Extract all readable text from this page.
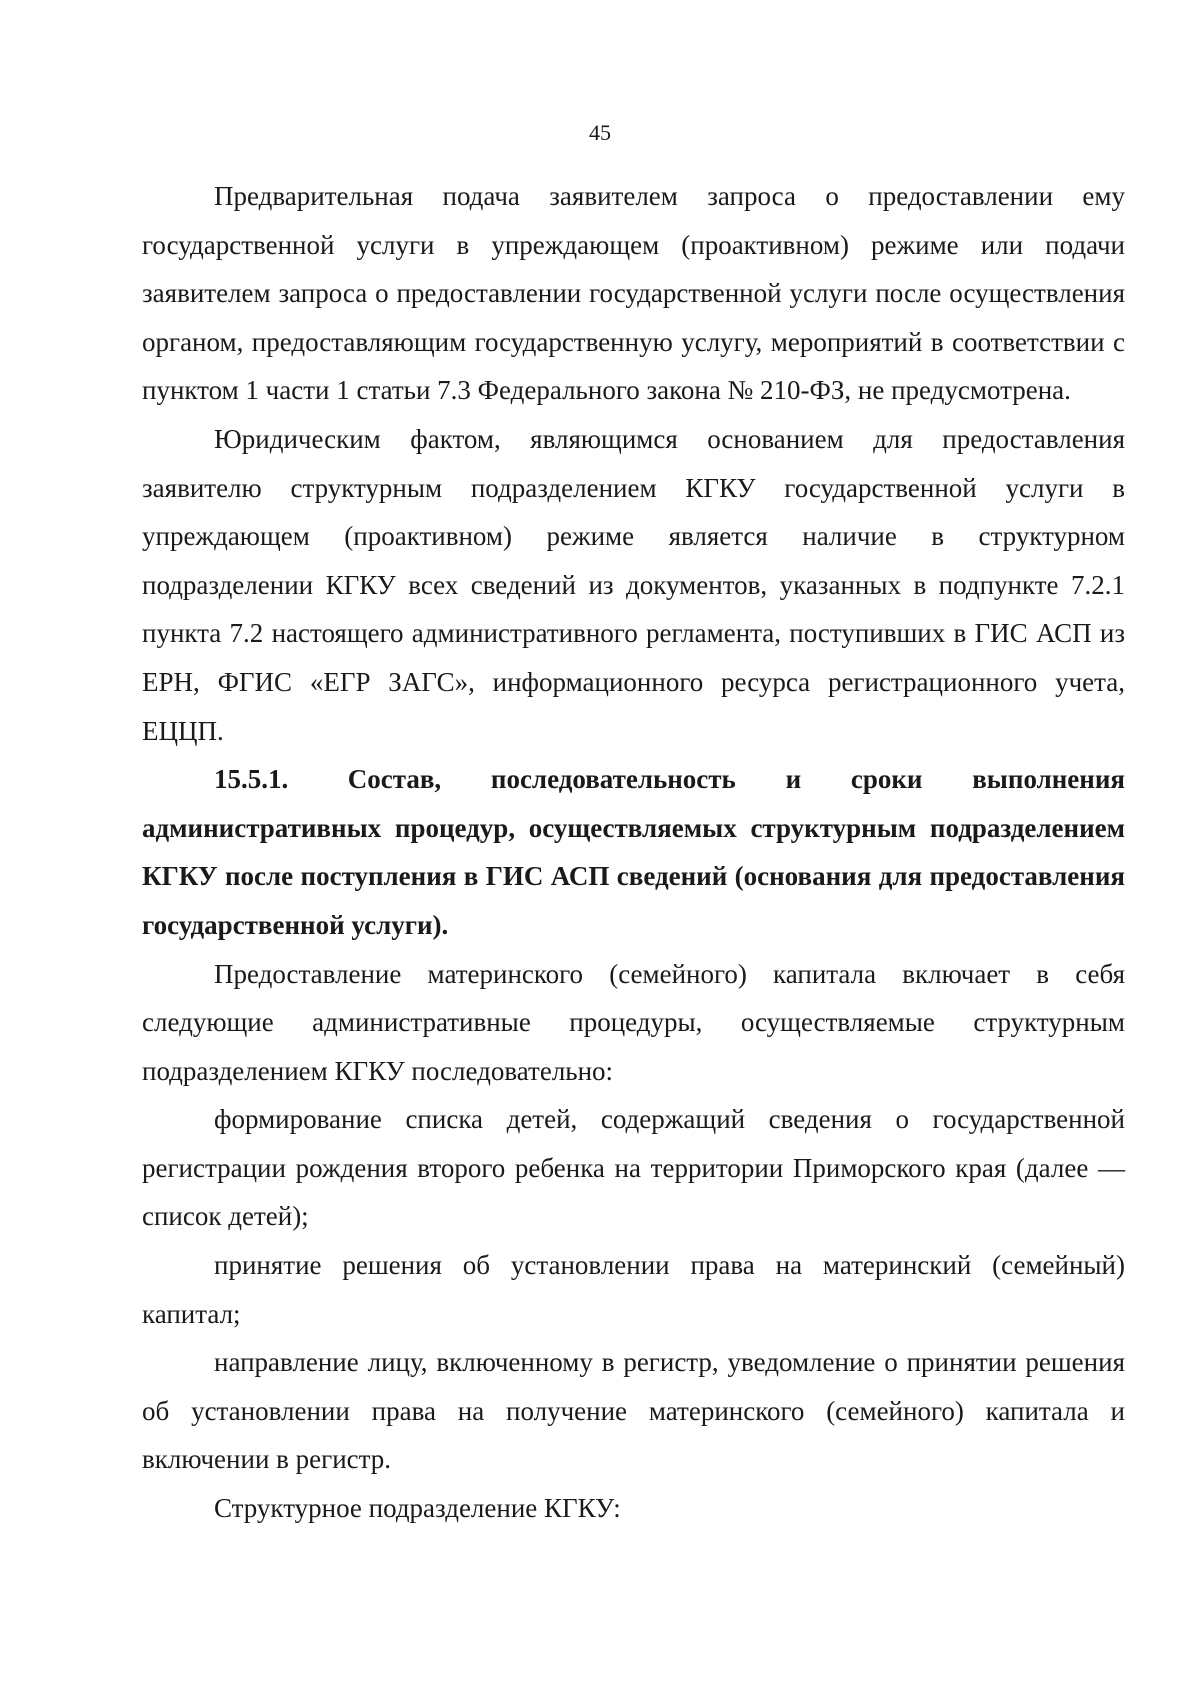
45

Предварительная подача заявителем запроса о предоставлении ему государственной услуги в упреждающем (проактивном) режиме или подачи заявителем запроса о предоставлении государственной услуги после осуществления органом, предоставляющим государственную услугу, мероприятий в соответствии с пунктом 1 части 1 статьи 7.3 Федерального закона № 210-ФЗ, не предусмотрена.

Юридическим фактом, являющимся основанием для предоставления заявителю структурным подразделением КГКУ государственной услуги в упреждающем (проактивном) режиме является наличие в структурном подразделении КГКУ всех сведений из документов, указанных в подпункте 7.2.1 пункта 7.2 настоящего административного регламента, поступивших в ГИС АСП из ЕРН, ФГИС «ЕГР ЗАГС», информационного ресурса регистрационного учета, ЕЦЦП.

15.5.1. Состав, последовательность и сроки выполнения административных процедур, осуществляемых структурным подразделением КГКУ после поступления в ГИС АСП сведений (основания для предоставления государственной услуги).

Предоставление материнского (семейного) капитала включает в себя следующие административные процедуры, осуществляемые структурным подразделением КГКУ последовательно:

формирование списка детей, содержащий сведения о государственной регистрации рождения второго ребенка на территории Приморского края (далее — список детей);

принятие решения об установлении права на материнский (семейный) капитал;

направление лицу, включенному в регистр, уведомление о принятии решения об установлении права на получение материнского (семейного) капитала и включении в регистр.

Структурное подразделение КГКУ:
